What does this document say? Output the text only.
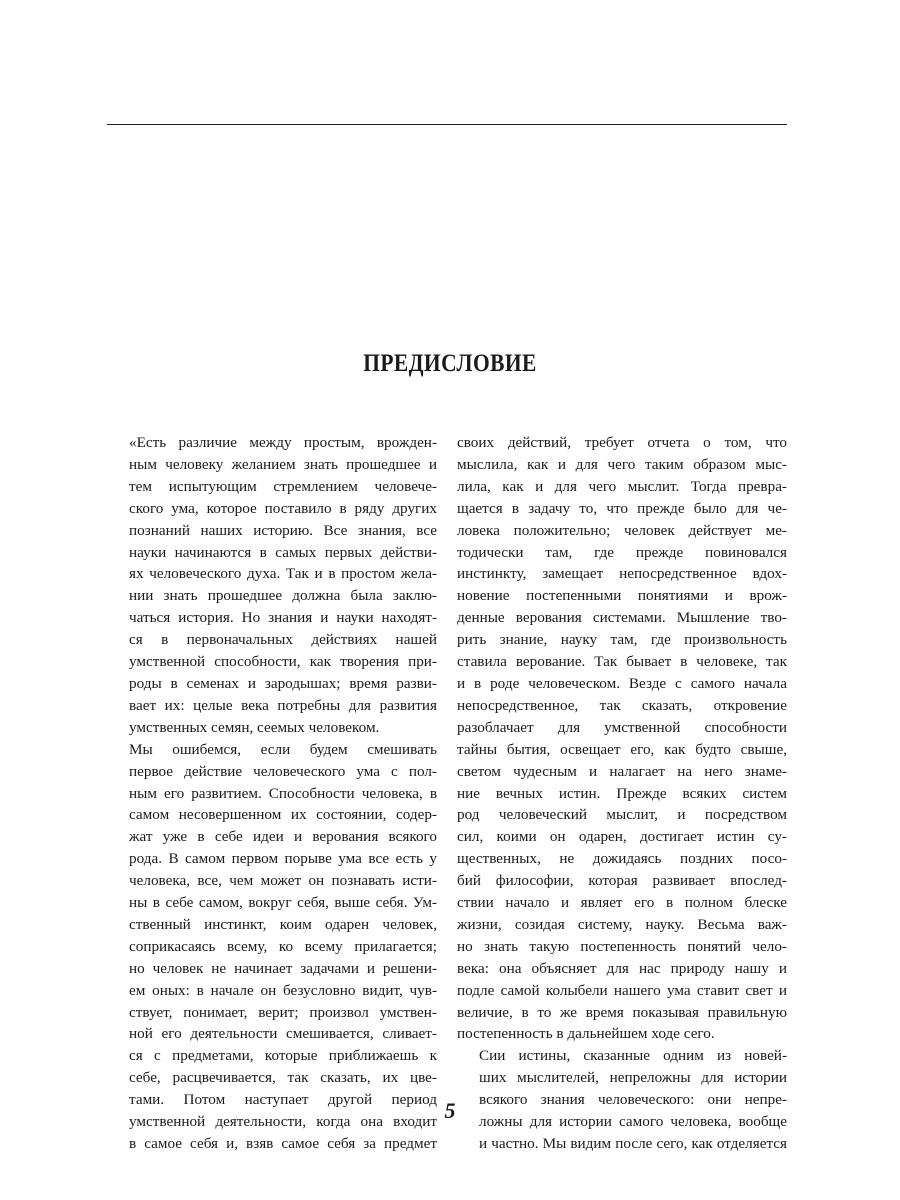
ПРЕДИСЛОВИЕ

«Есть различие между простым, врожден-
ным человеку желанием знать прошедшее и
тем испытующим стремлением человече-
ского ума, которое поставило в ряду других
познаний наших историю. Все знания, все
науки начинаются в самых первых действи-
ях человеческого духа. Так и в простом жела-
нии знать прошедшее должна была заклю-
чаться история. Но знания и науки находят-
ся в первоначальных действиях нашей
умственной способности, как творения при-
роды в семенах и зародышах; время разви-
вает их: целые века потребны для развития
умственных семян, сеемых человеком.

Мы ошибемся, если будем смешивать
первое действие человеческого ума с пол-
ным его развитием. Способности человека, в
самом несовершенном их состоянии, содер-
жат уже в себе идеи и верования всякого
рода. В самом первом порыве ума все есть у
человека, все, чем может он познавать исти-
ны в себе самом, вокруг себя, выше себя. Ум-
ственный инстинкт, коим одарен человек,
соприкасаясь всему, ко всему прилагается;
но человек не начинает задачами и решени-
ем оных: в начале он безусловно видит, чув-
ствует, понимает, верит; произвол умствен-
ной его деятельности смешивается, сливает-
ся с предметами, которые приближаешь к
себе, расцвечивается, так сказать, их цве-
тами. Потом наступает другой период
умственной деятельности, когда она входит
в самое себя и, взяв самое себя за предмет

своих действий, требует отчета о том, что
мыслила, как и для чего таким образом мыс-
лила, как и для чего мыслит. Тогда превра-
щается в задачу то, что прежде было для че-
ловека положительно; человек действует ме-
тодически там, где прежде повиновался
инстинкту, замещает непосредственное вдох-
новение постепенными понятиями и врож-
денные верования системами. Мышление тво-
рить знание, науку там, где произвольность
ставила верование. Так бывает в человеке, так
и в роде человеческом. Везде с самого начала
непосредственное, так сказать, откровение
разоблачает для умственной способности
тайны бытия, освещает его, как будто свыше,
светом чудесным и налагает на него знаме-
ние вечных истин. Прежде всяких систем
род человеческий мыслит, и посредством
сил, коими он одарен, достигает истин су-
щественных, не дожидаясь поздних посо-
бий философии, которая развивает впослед-
ствии начало и являет его в полном блеске
жизни, созидая систему, науку. Весьма важ-
но знать такую постепенность понятий чело-
века: она объясняет для нас природу нашу и
подле самой колыбели нашего ума ставит свет и
величие, в то же время показывая правильную
постепенность в дальнейшем ходе сего.

Сии истины, сказанные одним из новей-
ших мыслителей, непреложны для истории
всякого знания человеческого: они непре-
ложны для истории самого человека, вообще
и частно. Мы видим после сего, как отделяется

5
